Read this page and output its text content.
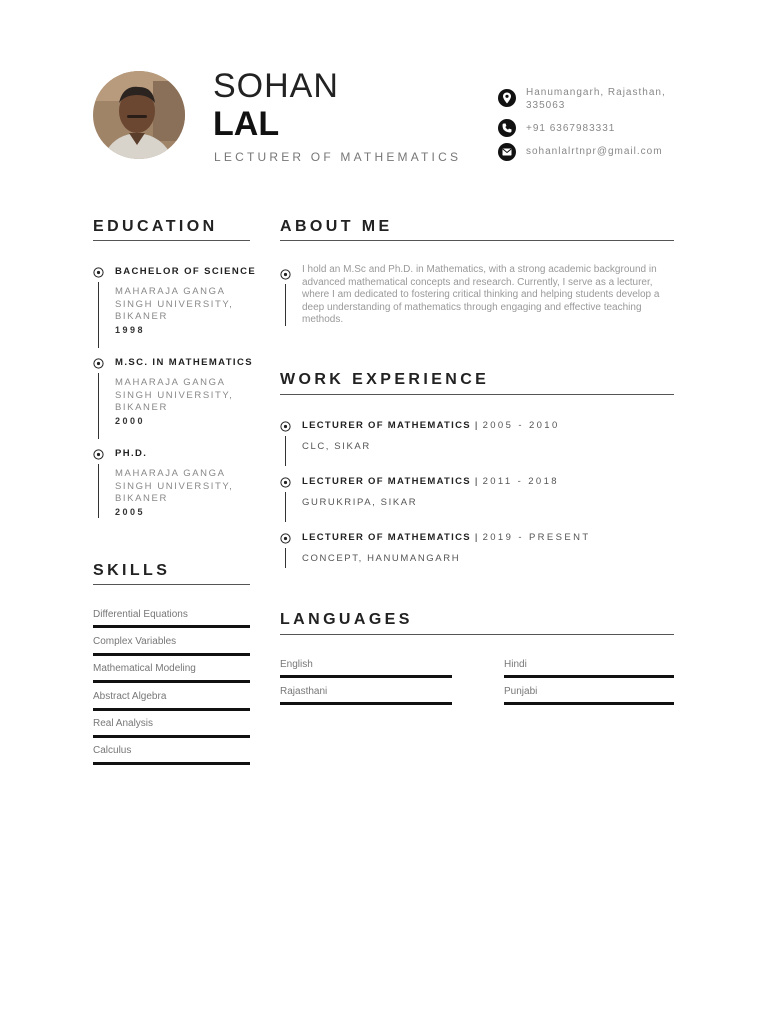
SOHAN
LAL
LECTURER OF MATHEMATICS
Hanumangarh, Rajasthan, 335063
+91 6367983331
sohanlalrtnpr@gmail.com
EDUCATION
BACHELOR OF SCIENCE
MAHARAJA GANGA SINGH UNIVERSITY, BIKANER
1998
M.SC. IN MATHEMATICS
MAHARAJA GANGA SINGH UNIVERSITY, BIKANER
2000
PH.D.
MAHARAJA GANGA SINGH UNIVERSITY, BIKANER
2005
ABOUT ME
I hold an M.Sc and Ph.D. in Mathematics, with a strong academic background in advanced mathematical concepts and research. Currently, I serve as a lecturer, where I am dedicated to fostering critical thinking and helping students develop a deep understanding of mathematics through engaging and effective teaching methods.
WORK EXPERIENCE
LECTURER OF MATHEMATICS | 2005 - 2010
CLC, SIKAR
LECTURER OF MATHEMATICS | 2011 - 2018
GURUKRIPA, SIKAR
LECTURER OF MATHEMATICS | 2019 - PRESENT
CONCEPT, HANUMANGARH
SKILLS
Differential Equations
Complex Variables
Mathematical Modeling
Abstract Algebra
Real Analysis
Calculus
LANGUAGES
English	Hindi
Rajasthani	Punjabi
